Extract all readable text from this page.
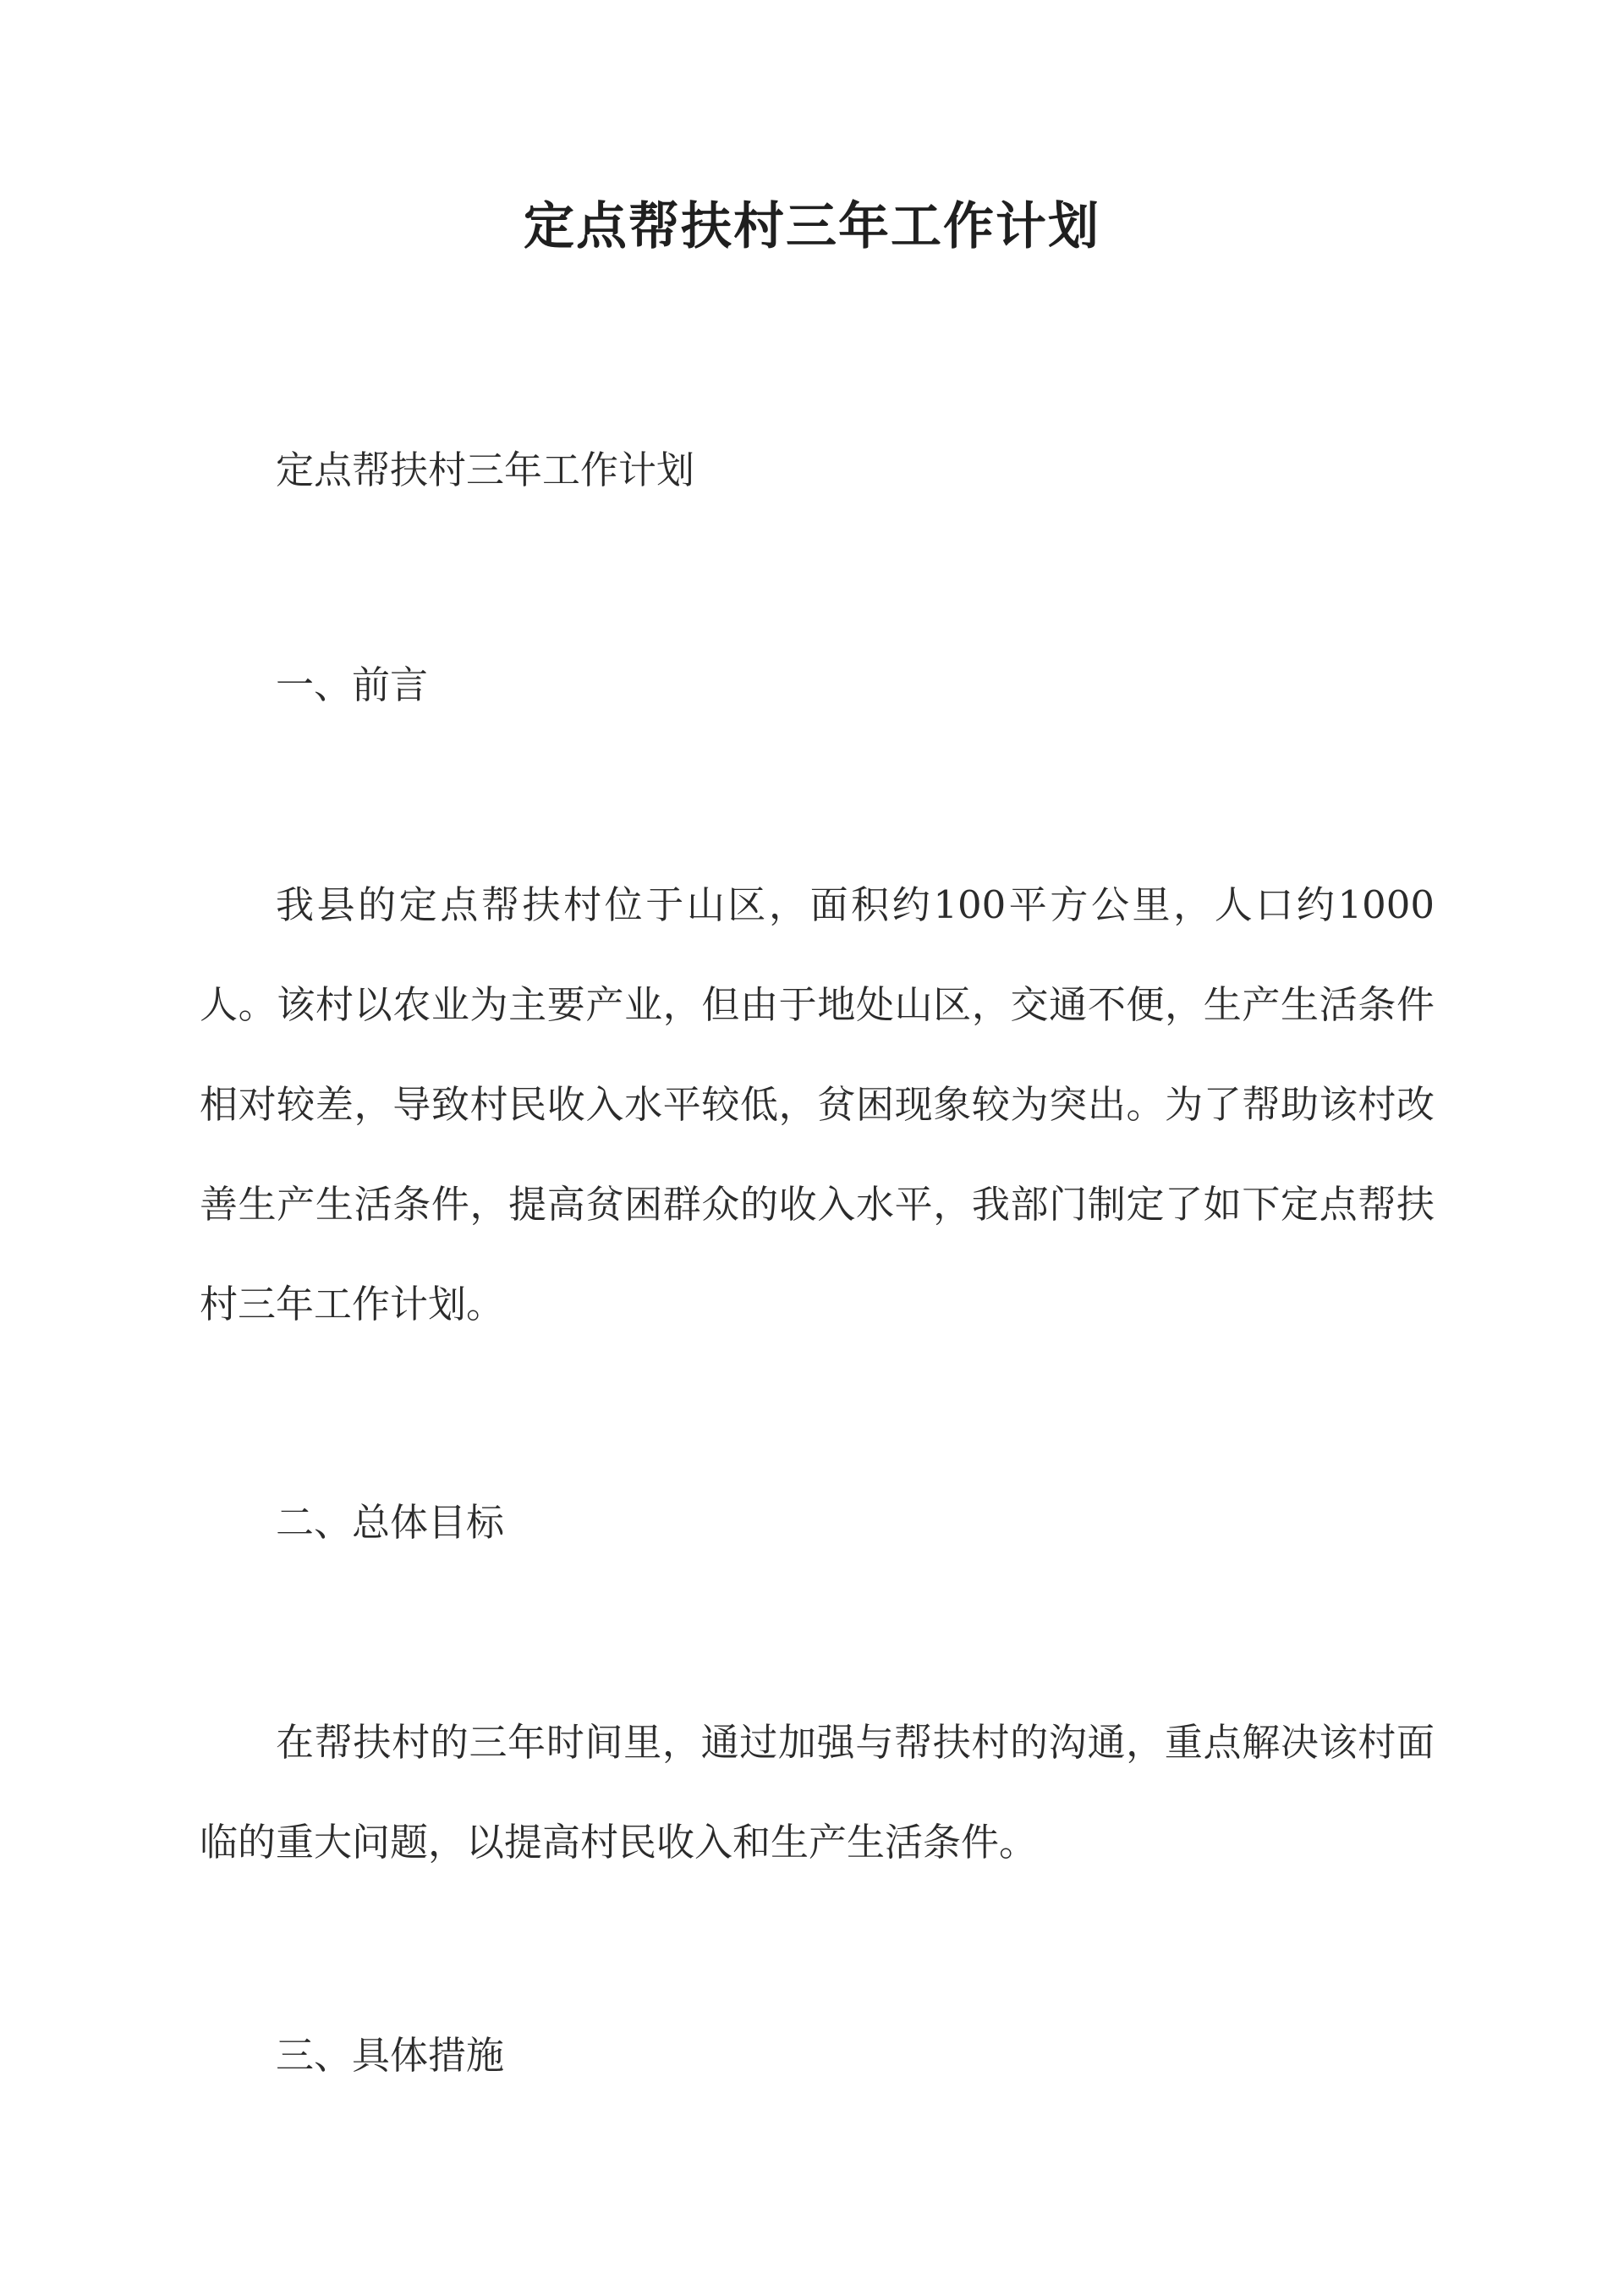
定点帮扶村三年工作计划
定点帮扶村三年工作计划
一、前言
我县的定点帮扶村位于山区，面积约100平方公里，人口约1000人。该村以农业为主要产业，但由于地处山区，交通不便，生产生活条件相对较差，导致村民收入水平较低，贫困现象较为突出。为了帮助该村改善生产生活条件，提高贫困群众的收入水平，我部门制定了如下定点帮扶村三年工作计划。
二、总体目标
在帮扶村的三年时间里，通过加强与帮扶村的沟通，重点解决该村面临的重大问题，以提高村民收入和生产生活条件。
三、具体措施
